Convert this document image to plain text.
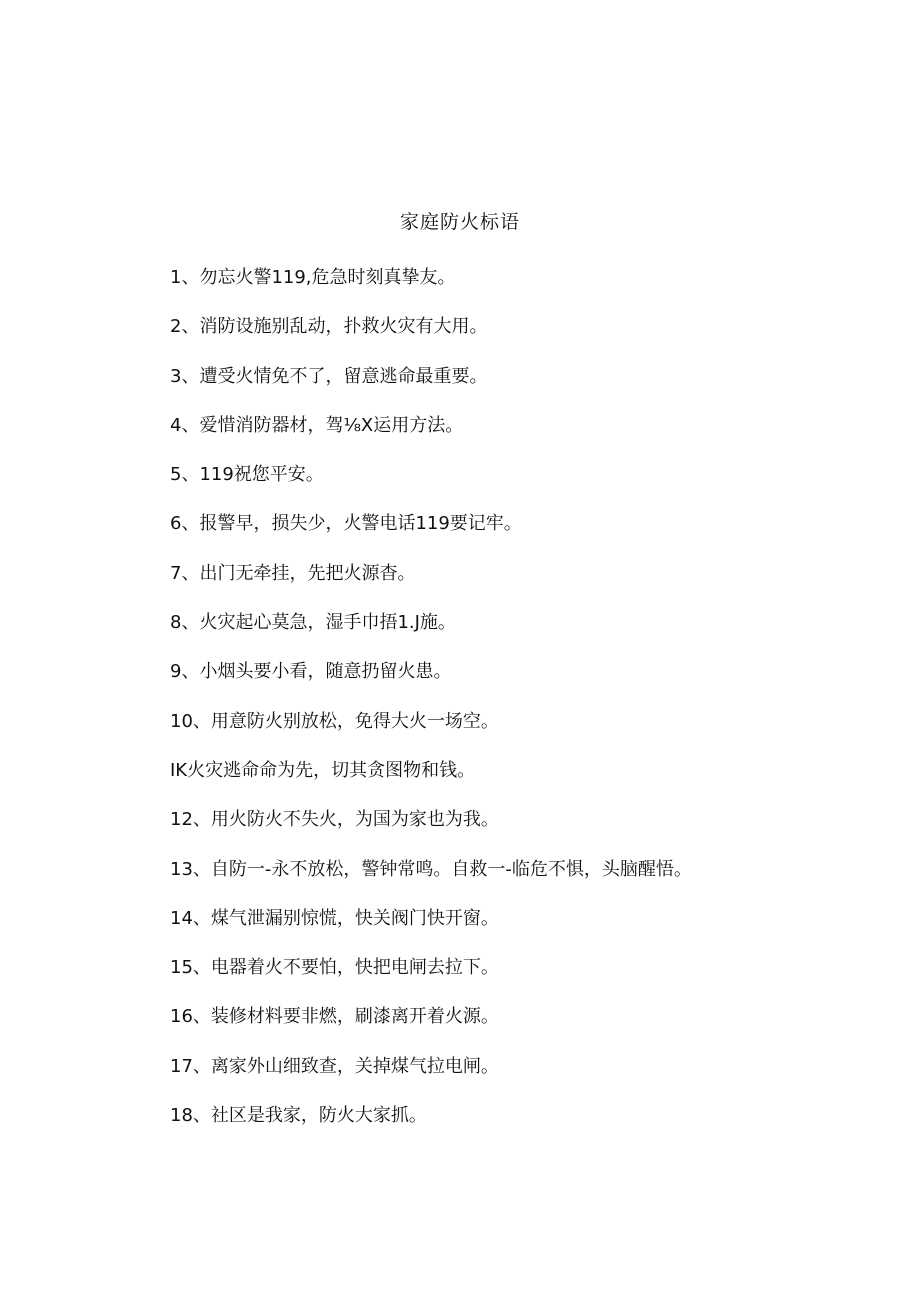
家庭防火标语
1、勿忘火警119,危急时刻真挚友。
2、消防设施别乱动，扑救火灾有大用。
3、遭受火情免不了，留意逃命最重要。
4、爱惜消防器材，驾⅛X运用方法。
5、119祝您平安。
6、报警早，损失少，火警电话119要记牢。
7、出门无牵挂，先把火源杳。
8、火灾起心莫急，湿手巾捂1.J施。
9、小烟头要小看，随意扔留火患。
10、用意防火别放松，免得大火一场空。
IK火灾逃命命为先，切其贪图物和钱。
12、用火防火不失火，为国为家也为我。
13、自防一-永不放松，警钟常鸣。自救一-临危不惧，头脑醒悟。
14、煤气泄漏别惊慌，快关阀门快开窗。
15、电器着火不要怕，快把电闸去拉下。
16、装修材料要非燃，刷漆离开着火源。
17、离家外山细致查，关掉煤气拉电闸。
18、社区是我家，防火大家抓。
